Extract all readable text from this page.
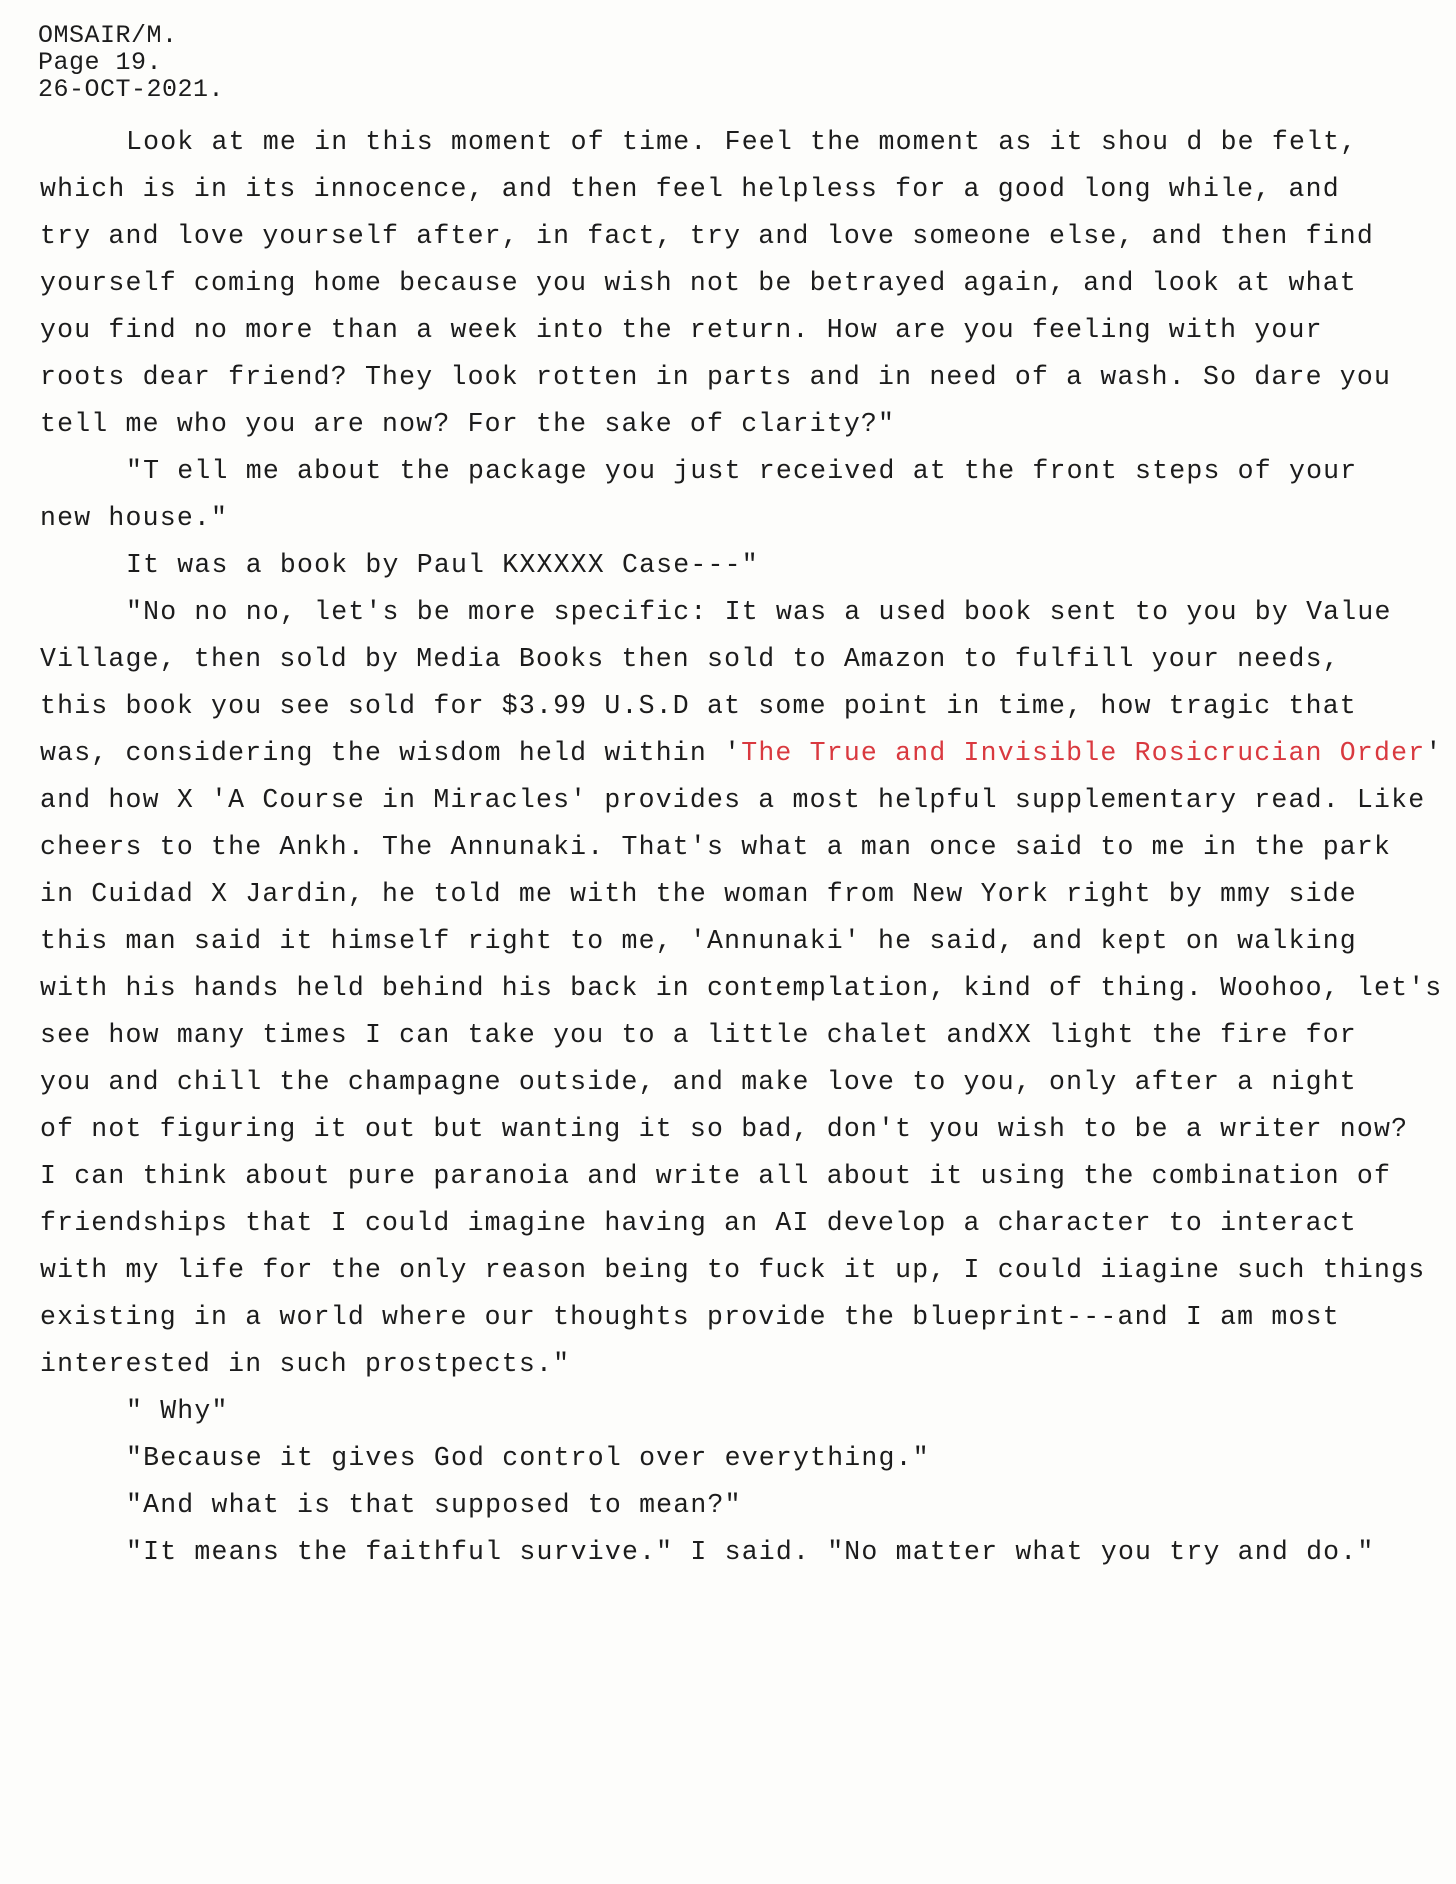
OMSAIR/M.
Page 19.
26-OCT-2021.
Look at me in this moment of time. Feel the moment as it shou d be felt,
which is in its innocence, and then feel helpless for a good long while, and
try and love yourself after, in fact, try and love someone else, and then find
yourself coming home because you wish not be betrayed again, and look at what
you find no more than a week into the return. How are you feeling with your
roots dear friend? They look rotten in parts and in need of a wash. So dare you
tell me who you are now? For the sake of clarity?"
"T ell me about the package you just received at the front steps of your
new house."
It was a book by Paul KXXXXX Case---"
"No no no, let's be more specific: It was a used book sent to you by Value
Village, then sold by Media Books then sold to Amazon to fulfill your needs,
this book you see sold for $3.99 U.S.D at some point in time, how tragic that
was, considering the wisdom held within 'The True and Invisible Rosicrucian Order'
and how X 'A Course in Miracles' provides a most helpful supplementary read. Like
cheers to the Ankh. The Annunaki. That's what a man once said to me in the park
in Cuidad X Jardin, he told me with the woman from New York right by mmy side
this man said it himself right to me, 'Annunaki' he said, and kept on walking
with his hands held behind his back in contemplation, kind of thing. Woohoo, let's
see how many times I can take you to a little chalet andXX light the fire for
you and chill the champagne outside, and make love to you, only after a night
of not figuring it out but wanting it so bad, don't you wish to be a writer now?
I can think about pure paranoia and write all about it using the combination of
friendships that I could imagine having an AI develop a character to interact
with my life for the only reason being to fuck it up, I could iiagine such things
existing in a world where our thoughts provide the blueprint---and I am most
interested in such prostpects."
" Why"
"Because it gives God control over everything."
"And what is that supposed to mean?"
"It means the faithful survive." I said. "No matter what you try and do."
